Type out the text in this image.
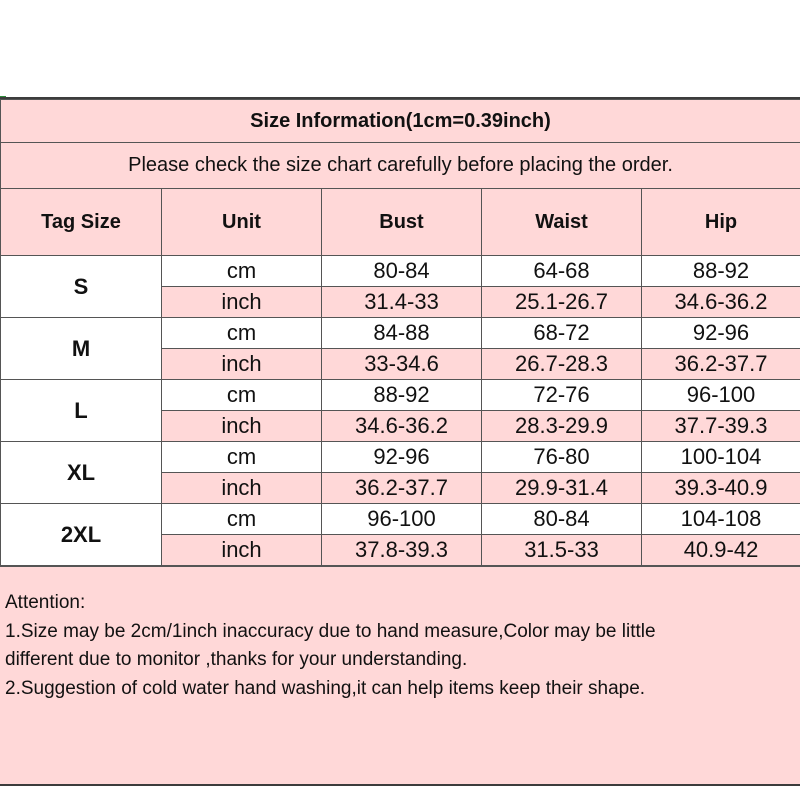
Size Information(1cm=0.39inch)				
Please check the size chart carefully before placing the order.				
Tag Size	Unit	Bust	Waist	Hip
S	cm	80-84	64-68	88-92
	inch	31.4-33	25.1-26.7	34.6-36.2
M	cm	84-88	68-72	92-96
	inch	33-34.6	26.7-28.3	36.2-37.7
L	cm	88-92	72-76	96-100
	inch	34.6-36.2	28.3-29.9	37.7-39.3
XL	cm	92-96	76-80	100-104
	inch	36.2-37.7	29.9-31.4	39.3-40.9
2XL	cm	96-100	80-84	104-108
	inch	37.8-39.3	31.5-33	40.9-42
Attention:
1.Size may be 2cm/1inch inaccuracy due to hand measure,Color may be little
different due to monitor ,thanks for your understanding.
2.Suggestion of cold water hand washing,it can help items keep their shape.
